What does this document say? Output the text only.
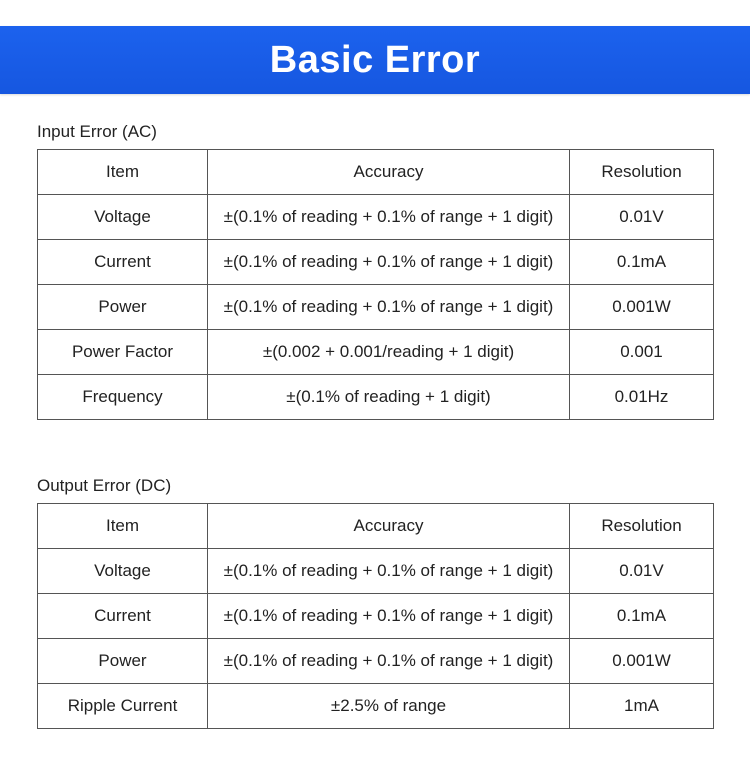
Basic Error
Input Error (AC)
Item	Accuracy	Resolution
Voltage	±(0.1% of reading + 0.1% of range + 1 digit)	0.01V
Current	±(0.1% of reading + 0.1% of range + 1 digit)	0.1mA
Power	±(0.1% of reading + 0.1% of range + 1 digit)	0.001W
Power Factor	±(0.002 + 0.001/reading + 1 digit)	0.001
Frequency	±(0.1% of reading + 1 digit)	0.01Hz
Output Error (DC)
Item	Accuracy	Resolution
Voltage	±(0.1% of reading + 0.1% of range + 1 digit)	0.01V
Current	±(0.1% of reading + 0.1% of range + 1 digit)	0.1mA
Power	±(0.1% of reading + 0.1% of range + 1 digit)	0.001W
Ripple Current	±2.5% of range	1mA
